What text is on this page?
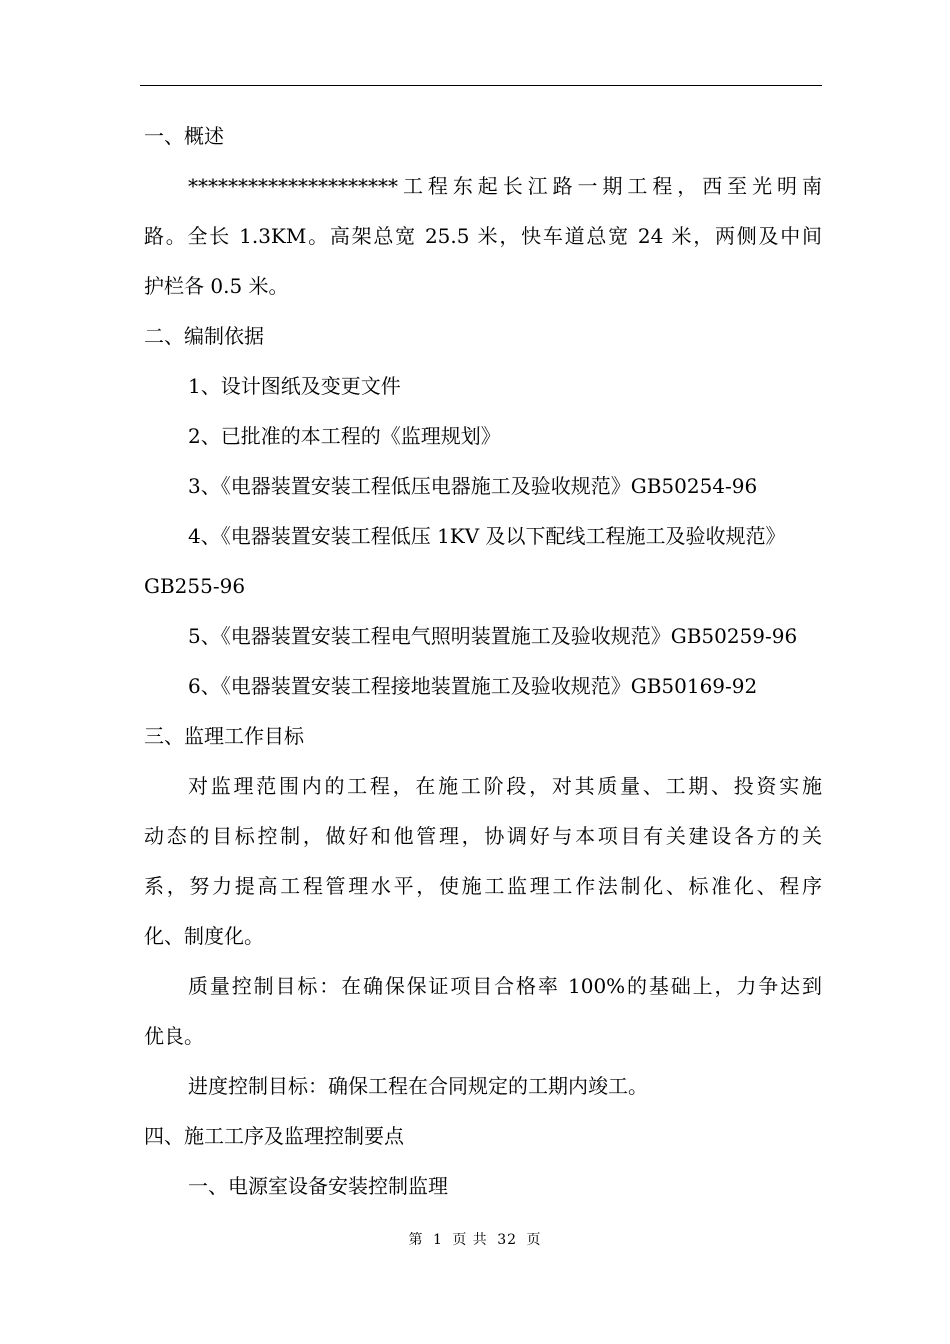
一、概述
*********************工程东起长江路一期工程，西至光明南
路。全长 1.3KM。高架总宽 25.5 米，快车道总宽 24 米，两侧及中间
护栏各 0.5 米。
二、编制依据
1、设计图纸及变更文件
2、已批准的本工程的《监理规划》
3、《电器装置安装工程低压电器施工及验收规范》GB50254-96
4、《电器装置安装工程低压 1KV 及以下配线工程施工及验收规范》
GB255-96
5、《电器装置安装工程电气照明装置施工及验收规范》GB50259-96
6、《电器装置安装工程接地装置施工及验收规范》GB50169-92
三、监理工作目标
对监理范围内的工程，在施工阶段，对其质量、工期、投资实施
动态的目标控制，做好和他管理，协调好与本项目有关建设各方的关
系，努力提高工程管理水平，使施工监理工作法制化、标准化、程序
化、制度化。
质量控制目标：在确保保证项目合格率 100%的基础上，力争达到
优良。
进度控制目标：确保工程在合同规定的工期内竣工。
四、施工工序及监理控制要点
一、电源室设备安装控制监理
第 1 页 共 32 页
